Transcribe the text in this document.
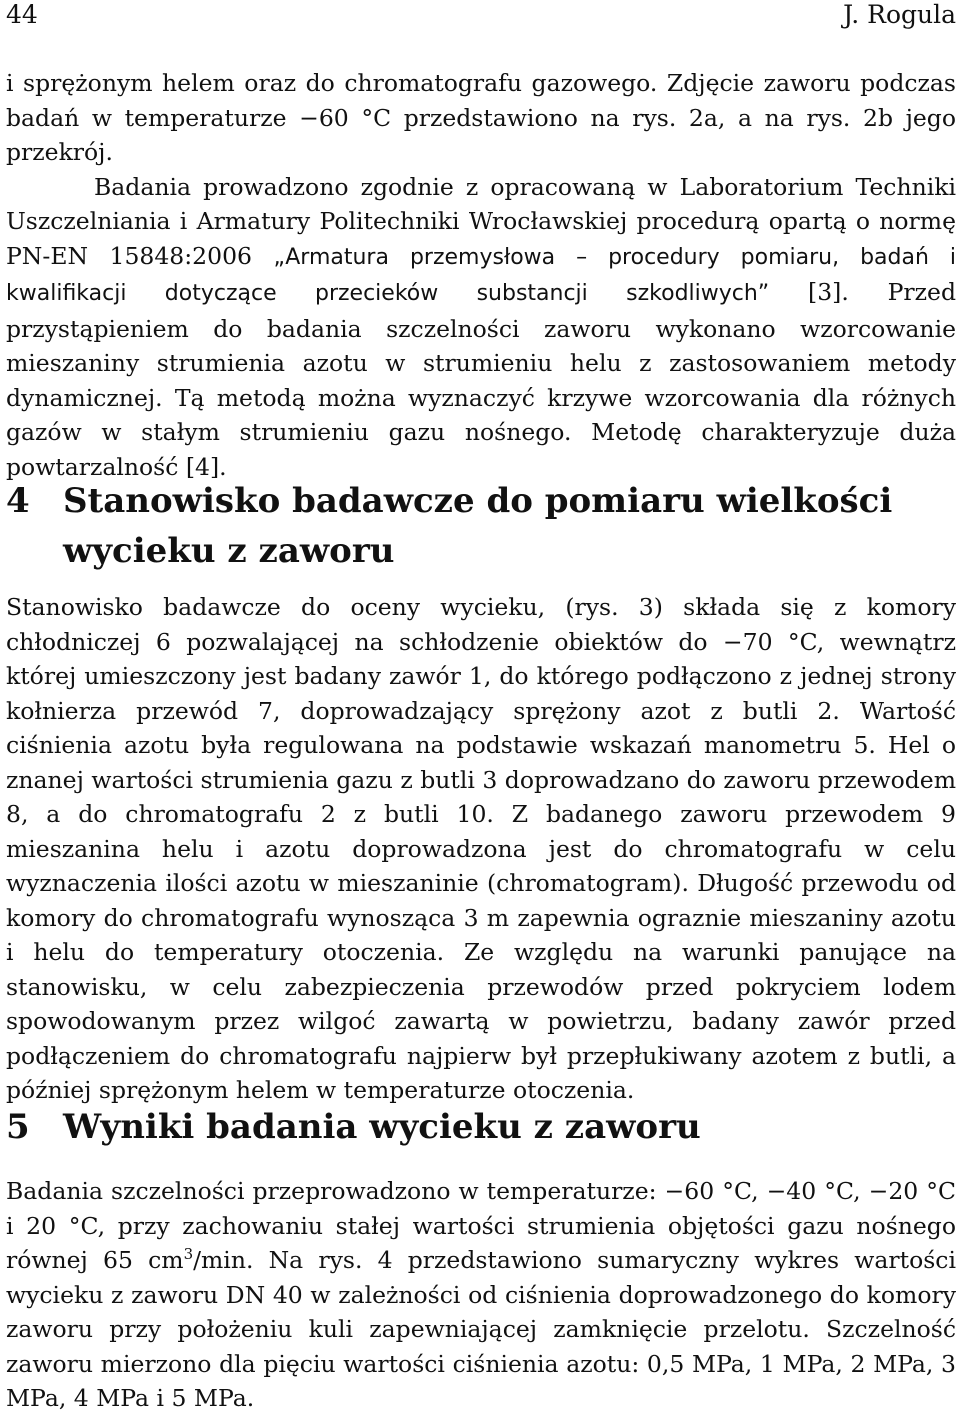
44	J. Rogula

i sprężonym helem oraz do chromatografu gazowego. Zdjęcie zaworu podczas badań w temperaturze −60 °C przedstawiono na rys. 2a, a na rys. 2b jego przekrój.

Badania prowadzono zgodnie z opracowaną w Laboratorium Techniki Uszczelniania i Armatury Politechniki Wrocławskiej procedurą opartą o normę PN-EN 15848:2006 „Armatura przemysłowa – procedury pomiaru, badań i kwalifikacji dotyczące przecieków substancji szkodliwych” [3]. Przed przystąpieniem do badania szczelności zaworu wykonano wzorcowanie mieszaniny strumienia azotu w strumieniu helu z zastosowaniem metody dynamicznej. Tą metodą można wyznaczyć krzywe wzorcowania dla różnych gazów w stałym strumieniu gazu nośnego. Metodę charakteryzuje duża powtarzalność [4].

4 Stanowisko badawcze do pomiaru wielkości wycieku z zaworu

Stanowisko badawcze do oceny wycieku, (rys. 3) składa się z komory chłodniczej 6 pozwalającej na schłodzenie obiektów do −70 °C, wewnątrz której umieszczony jest badany zawór 1, do którego podłączono z jednej strony kołnierza przewód 7, doprowadzający sprężony azot z butli 2. Wartość ciśnienia azotu była regulowana na podstawie wskazań manometru 5. Hel o znanej wartości strumienia gazu z butli 3 doprowadzano do zaworu przewodem 8, a do chromatografu 2 z butli 10. Z badanego zaworu przewodem 9 mieszanina helu i azotu doprowadzona jest do chromatografu w celu wyznaczenia ilości azotu w mieszaninie (chromatogram). Długość przewodu od komory do chromatografu wynosząca 3 m zapewnia ograznie mieszaniny azotu i helu do temperatury otoczenia. Ze względu na warunki panujące na stanowisku, w celu zabezpieczenia przewodów przed pokryciem lodem spowodowanym przez wilgoć zawartą w powietrzu, badany zawór przed podłączeniem do chromatografu najpierw był przepłukiwany azotem z butli, a później sprężonym helem w temperaturze otoczenia.

5 Wyniki badania wycieku z zaworu

Badania szczelności przeprowadzono w temperaturze: −60 °C, −40 °C, −20 °C i 20 °C, przy zachowaniu stałej wartości strumienia objętości gazu nośnego równej 65 $cm^3/\min$. Na rys. 4 przedstawiono sumaryczny wykres wartości wycieku z zaworu DN 40 w zależności od ciśnienia doprowadzonego do komory zaworu przy położeniu kuli zapewniającej zamknięcie przelotu. Szczelność zaworu mierzono dla pięciu wartości ciśnienia azotu: 0,5 MPa, 1 MPa, 2 MPa, 3 MPa, 4 MPa i 5 MPa.
